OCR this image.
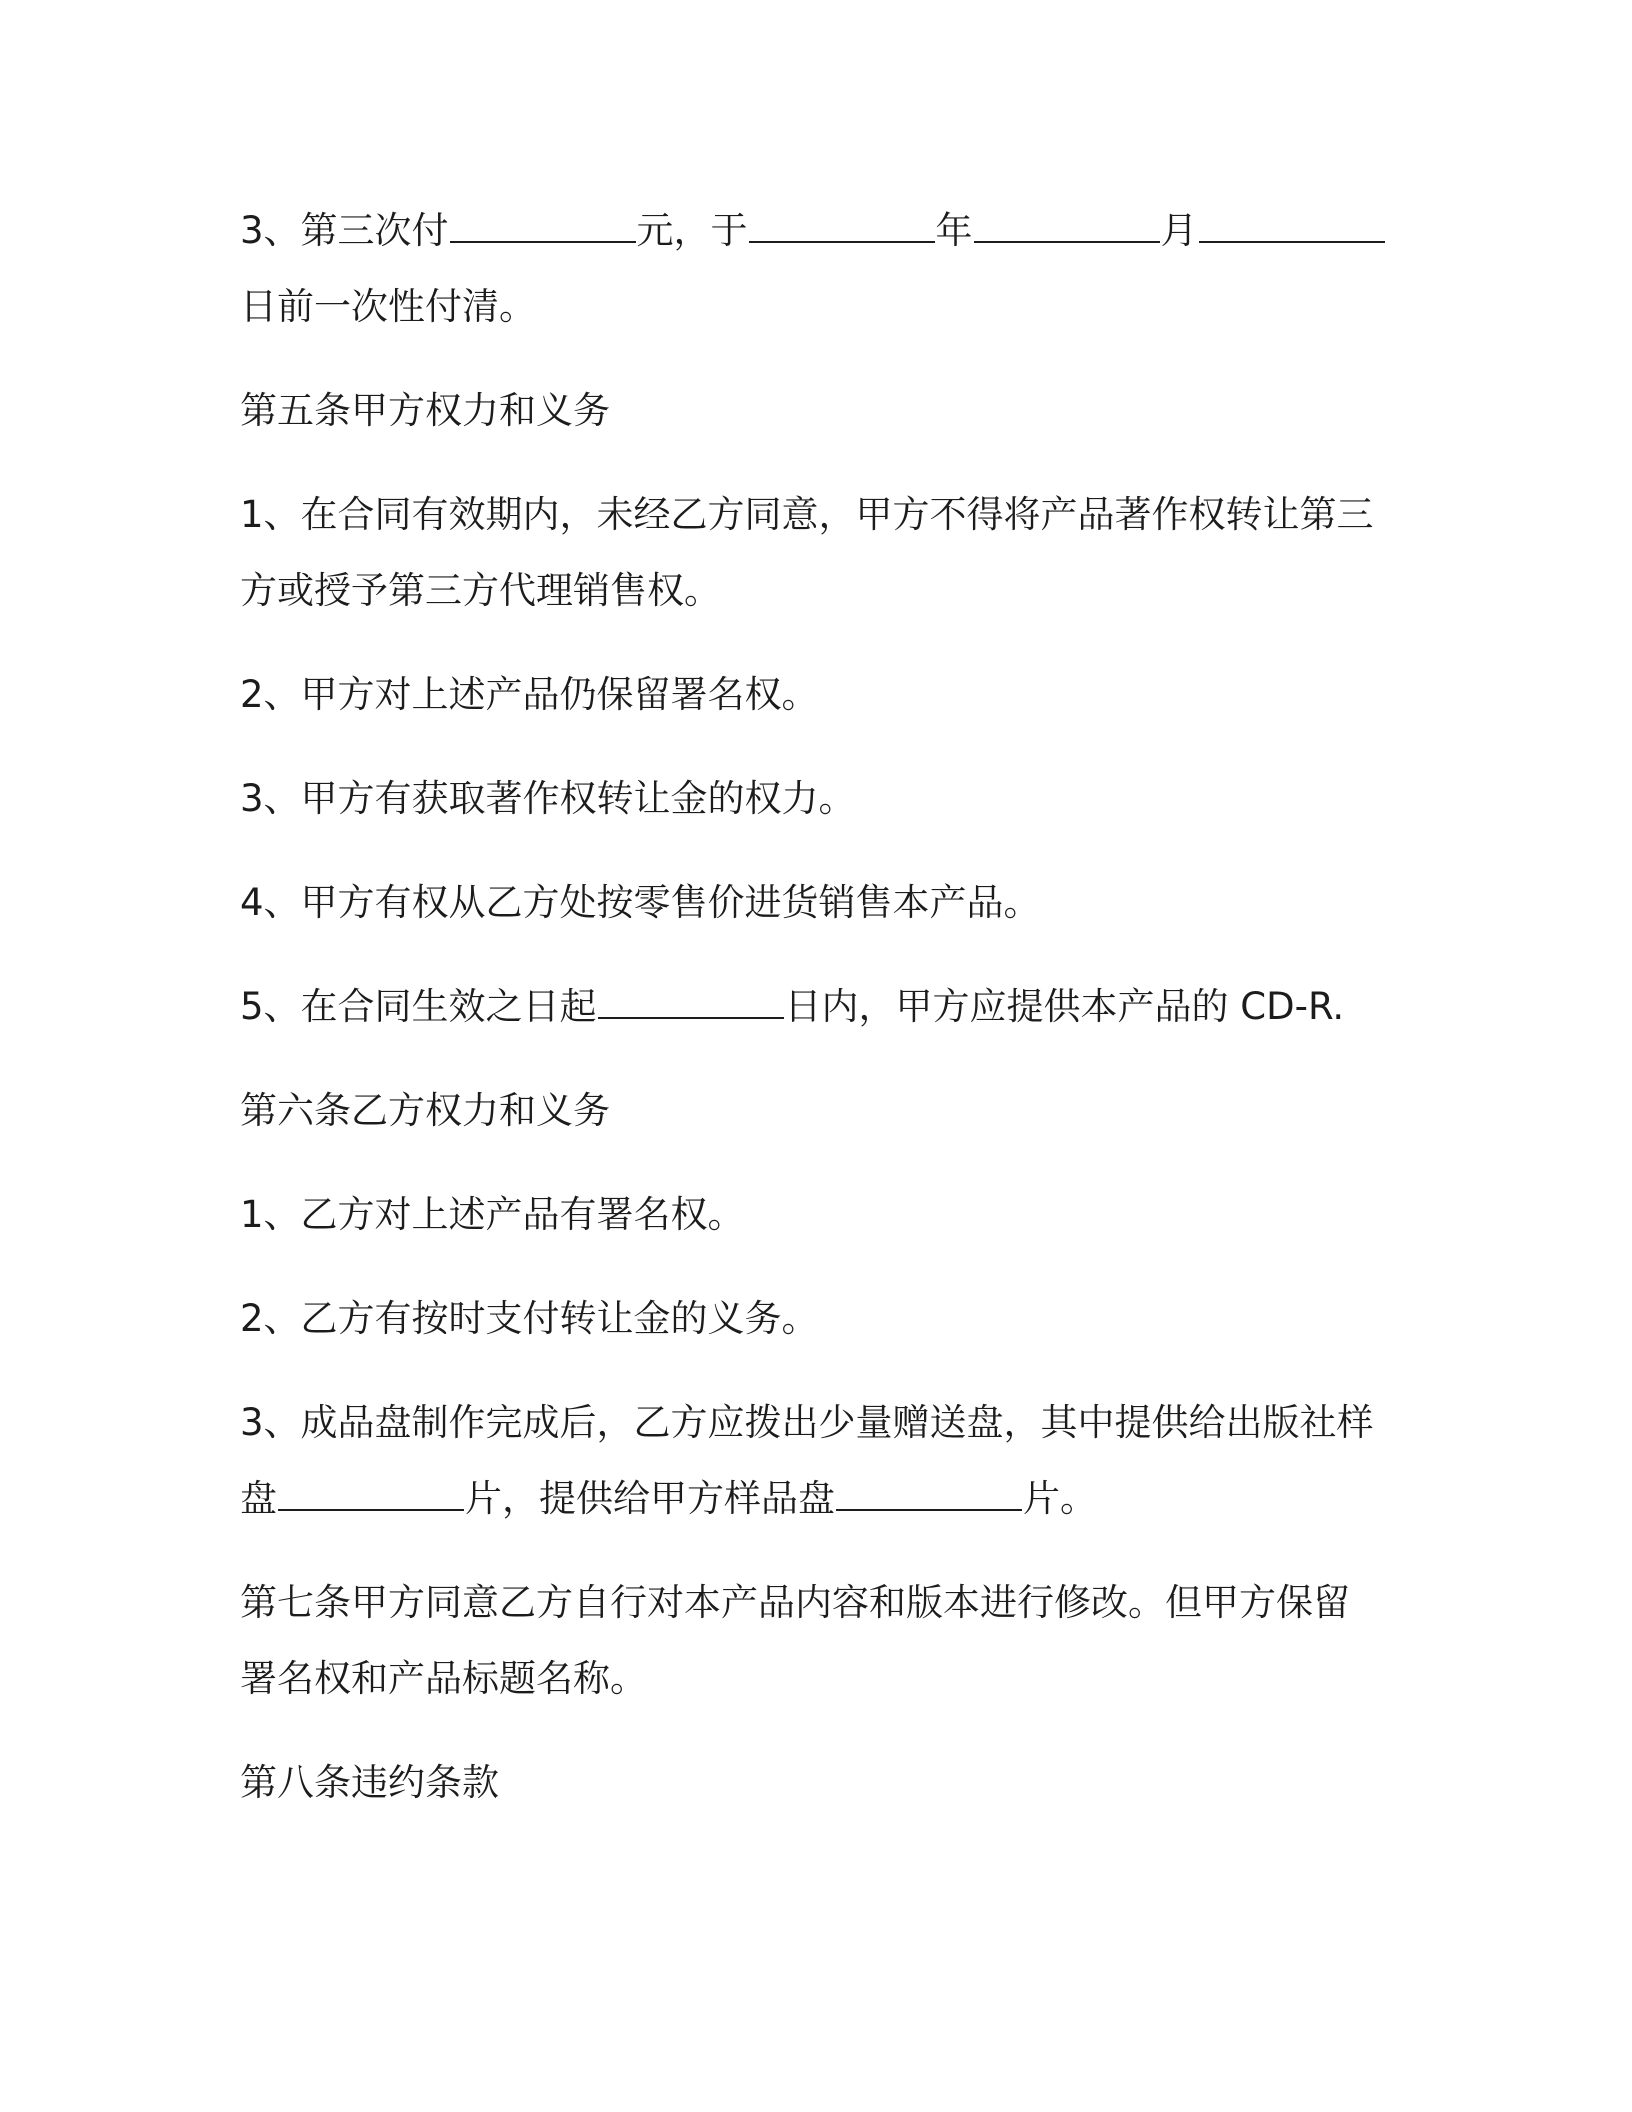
3、第三次付	元，于	年	月
日前一次性付清。
第五条甲方权力和义务
1、在合同有效期内，未经乙方同意，甲方不得将产品著作权转让第三
方或授予第三方代理销售权。
2、甲方对上述产品仍保留署名权。
3、甲方有获取著作权转让金的权力。
4、甲方有权从乙方处按零售价进货销售本产品。
5、在合同生效之日起	日内，甲方应提供本产品的 CD-R.
第六条乙方权力和义务
1、乙方对上述产品有署名权。
2、乙方有按时支付转让金的义务。
3、成品盘制作完成后，乙方应拨出少量赠送盘，其中提供给出版社样
盘	片，提供给甲方样品盘	片。
第七条甲方同意乙方自行对本产品内容和版本进行修改。但甲方保留
署名权和产品标题名称。
第八条违约条款
